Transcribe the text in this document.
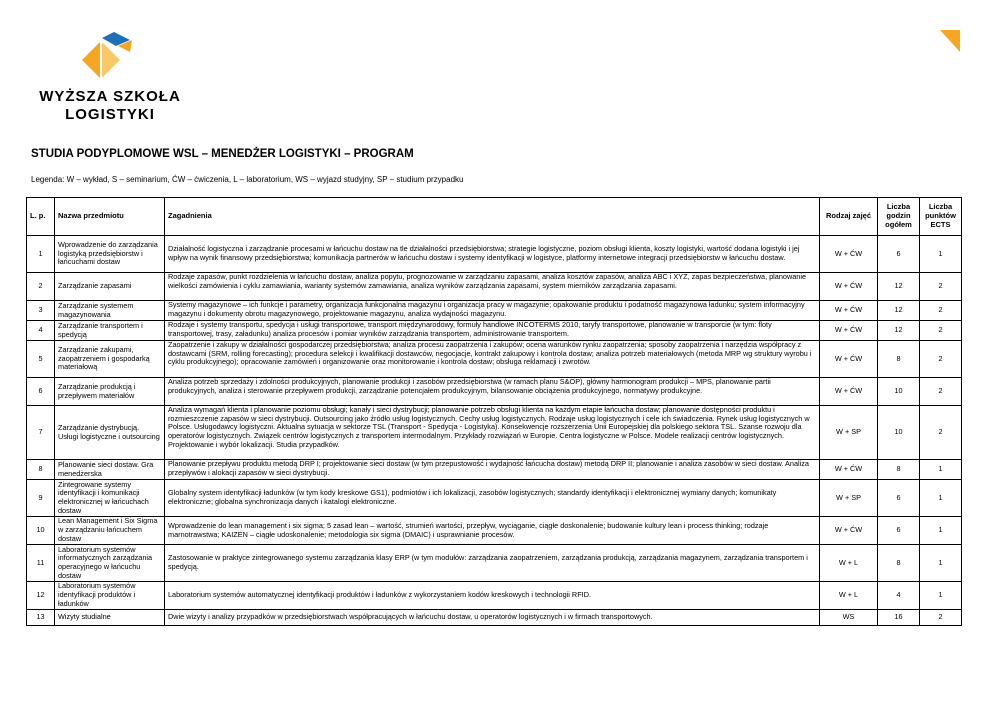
WYŻSZA SZKOŁA
LOGISTYKI
STUDIA PODYPLOMOWE WSL – MENEDŻER LOGISTYKI – PROGRAM
Legenda: W – wykład, S – seminarium, ĆW – ćwiczenia, L – laboratorium, WS – wyjazd studyjny, SP – studium przypadku
L. p.	Nazwa przedmiotu	Zagadnienia	Rodzaj zajęć	Liczba godzin ogółem	Liczba punktów ECTS
1	Wprowadzenie do zarządzania logistyką przedsiębiorstw i łańcuchami dostaw	Działalność logistyczna i zarządzanie procesami w łańcuchu dostaw na tle działalności przedsiębiorstwa; strategie logistyczne, poziom obsługi klienta, koszty logistyki, wartość dodana logistyki i jej wpływ na wynik finansowy przedsiębiorstwa; komunikacja partnerów w łańcuchu dostaw i systemy identyfikacji w logistyce, platformy internetowe integracji przedsiębiorstw w łańcuchu dostaw.	W + ĆW	6	1
2	Zarządzanie zapasami	Rodzaje zapasów, punkt rozdzielenia w łańcuchu dostaw, analiza popytu, prognozowanie w zarządzaniu zapasami, analiza kosztów zapasów, analiza ABC i XYZ, zapas bezpieczeństwa, planowanie wielkości zamówienia i cyklu zamawiania, warianty systemów zamawiania, analiza wyników zarządzania zapasami, system mierników zarządzania zapasami.	W + ĆW	12	2
3	Zarządzanie systemem magazynowania	Systemy magazynowe – ich funkcje i parametry, organizacja funkcjonalna magazynu i organizacja pracy w magazynie; opakowanie produktu i podatność magazynowa ładunku; system informacyjny magazynu i dokumenty obrotu magazynowego, projektowanie magazynu, analiza wydajności magazynu.	W + ĆW	12	2
4	Zarządzanie transportem i spedycją	Rodzaje i systemy transportu, spedycja i usługi transportowe, transport międzynarodowy, formuły handlowe INCOTERMS 2010, taryfy transportowe, planowanie w transporcie (w tym: floty transportowej, trasy, załadunku) analiza procesów i pomiar wyników zarządzania transportem, administrowanie transportem.	W + ĆW	12	2
5	Zarządzanie zakupami, zaopatrzeniem i gospodarką materiałową	Zaopatrzenie i zakupy w działalności gospodarczej przedsiębiorstwa; analiza procesu zaopatrzenia i zakupów; ocena warunków rynku zaopatrzenia; sposoby zaopatrzenia i narzędzia współpracy z dostawcami (SRM, rolling forecasting); procedura selekcji i kwalifikacji dostawców, negocjacje, kontrakt zakupowy i kontrola dostaw; analiza potrzeb materiałowych (metoda MRP wg struktury wyrobu i cyklu produkcyjnego); opracowanie zamówień i organizowanie oraz monitorowanie i kontrola dostaw; obsługa reklamacji i zwrotów.	W + ĆW	8	2
6	Zarządzanie produkcją i przepływem materiałów	Analiza potrzeb sprzedaży i zdolności produkcyjnych, planowanie produkcji i zasobów przedsiębiorstwa (w ramach planu S&OP), główny harmonogram produkcji – MPS, planowanie partii produkcyjnych, analiza i sterowanie przepływem produkcji, zarządzanie potencjałem produkcyjnym, bilansowanie obciążenia produkcyjnego, normatywy produkcyjne.	W + ĆW	10	2
7	Zarządzanie dystrybucją. Usługi logistyczne i outsourcing	Analiza wymagań klienta i planowanie poziomu obsługi; kanały i sieci dystrybucji; planowanie potrzeb obsługi klienta na każdym etapie łańcucha dostaw; planowanie dostępności produktu i rozmieszczenie zapasów w sieci dystrybucji. Outsourcing jako źródło usług logistycznych. Cechy usług logistycznych. Rodzaje usług logistycznych i cele ich świadczenia. Rynek usług logistycznych w Polsce. Usługodawcy logistyczni. Aktualna sytuacja w sektorze TSL (Transport - Spedycja - Logistyka). Konsekwencje rozszerzenia Unii Europejskiej dla polskiego sektora TSL. Szanse rozwoju dla operatorów logistycznych. Związek centrów logistycznych z transportem intermodalnym. Przykłady rozwiązań w Europie. Centra logistyczne w Polsce. Modele realizacji centrów logistycznych. Projektowanie i wybór lokalizacji. Studia przypadków.	W + SP	10	2
8	Planowanie sieci dostaw. Gra menedżerska	Planowanie przepływu produktu metodą DRP I; projektowanie sieci dostaw (w tym przepustowość i wydajność łańcucha dostaw) metodą DRP II; planowanie i analiza zasobów w sieci dostaw. Analiza przepływów i alokacji zapasów w sieci dystrybucji.	W + ĆW	8	1
9	Zintegrowane systemy identyfikacji i komunikacji elektronicznej w łańcuchach dostaw	Globalny system identyfikacji ładunków (w tym kody kreskowe GS1), podmiotów i ich lokalizacji, zasobów logistycznych; standardy identyfikacji i elektronicznej wymiany danych; komunikaty elektroniczne; globalna synchronizacja danych i katalogi elektroniczne.	W + SP	6	1
10	Lean Management i Six Sigma w zarządzaniu łańcuchem dostaw	Wprowadzenie do lean management i six sigma; 5 zasad lean – wartość, strumień wartości, przepływ, wyciąganie, ciągłe doskonalenie; budowanie kultury lean i process thinking; rodzaje marnotrawstwa; KAIZEN – ciągłe udoskonalenie; metodologia six sigma (DMAIC) i usprawnianie procesów.	W + ĆW	6	1
11	Laboratorium systemów informatycznych zarządzania operacyjnego w łańcuchu dostaw	Zastosowanie w praktyce zintegrowanego systemu zarządzania klasy ERP (w tym modułów: zarządzania zaopatrzeniem, zarządzania produkcją, zarządzania magazynem, zarządzania transportem i spedycją.	W + L	8	1
12	Laboratorium systemów identyfikacji produktów i ładunków	Laboratorium systemów automatycznej identyfikacji produktów i ładunków z wykorzystaniem kodów kreskowych i technologii RFID.	W + L	4	1
13	Wizyty studialne	Dwie wizyty i analizy przypadków w przedsiębiorstwach współpracujących w łańcuchu dostaw, u operatorów logistycznych i w firmach transportowych.	WS	16	2
